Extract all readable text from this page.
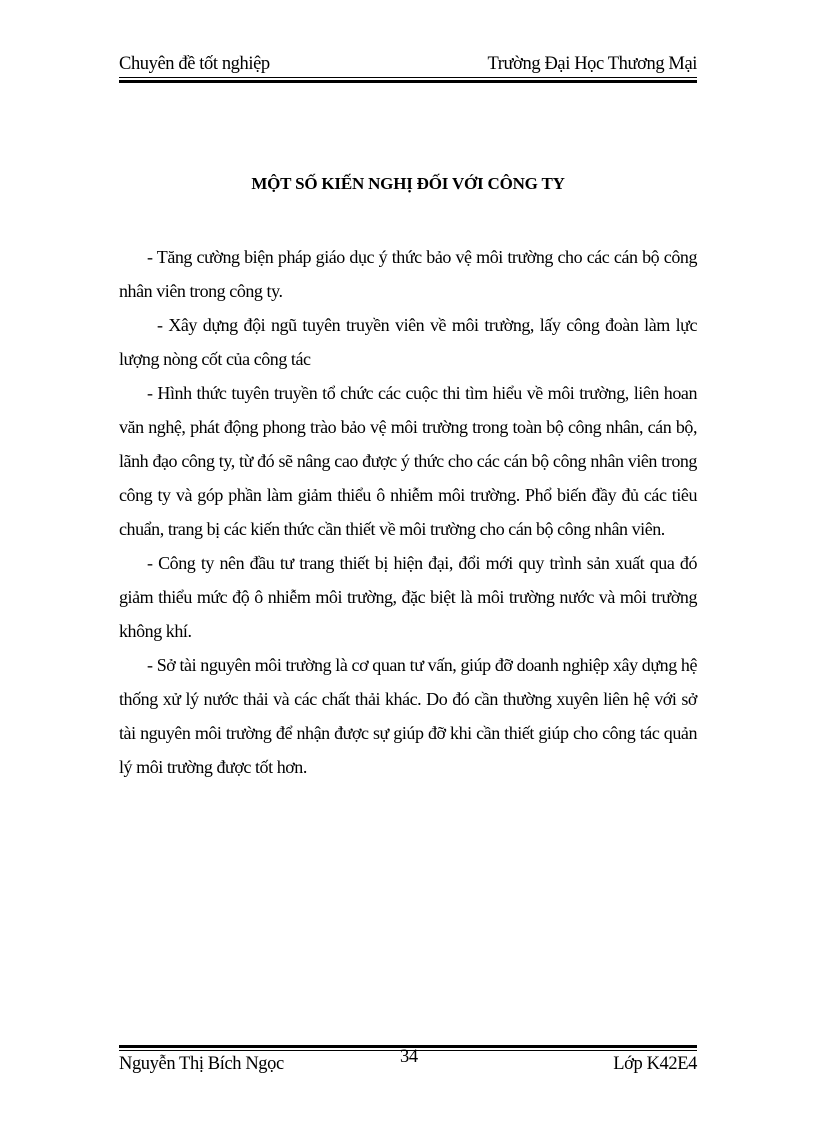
Chuyên đề tốt nghiệp	Trường Đại Học Thương Mại
MỘT SỐ KIẾN NGHỊ ĐỐI VỚI CÔNG TY

- Tăng cường biện pháp giáo dục ý thức bảo vệ môi trường cho các cán bộ công nhân viên trong công ty.

- Xây dựng đội ngũ tuyên truyền viên về môi trường, lấy công đoàn làm lực lượng nòng cốt của công tác

- Hình thức tuyên truyền tổ chức các cuộc thi tìm hiểu về môi trường, liên hoan văn nghệ, phát động phong trào bảo vệ môi trường trong toàn bộ công nhân, cán bộ, lãnh đạo công ty, từ đó sẽ nâng cao được ý thức cho các cán bộ công nhân viên trong công ty và góp phần làm giảm thiểu ô nhiễm môi trường. Phổ biến đầy đủ các tiêu chuẩn, trang bị các kiến thức cần thiết về môi trường cho cán bộ công nhân viên.

- Công ty nên đầu tư trang thiết bị hiện đại, đổi mới quy trình sản xuất qua đó giảm thiểu mức độ ô nhiễm môi trường, đặc biệt là môi trường nước và môi trường không khí.

- Sở tài nguyên môi trường là cơ quan tư vấn, giúp đỡ doanh nghiệp xây dựng hệ thống xử lý nước thải và các chất thải khác. Do đó cần thường xuyên liên hệ với sở tài nguyên môi trường để nhận được sự giúp đỡ khi cần thiết giúp cho công tác quản lý môi trường được tốt hơn.

Nguyễn Thị Bích Ngọc	34	Lớp K42E4
